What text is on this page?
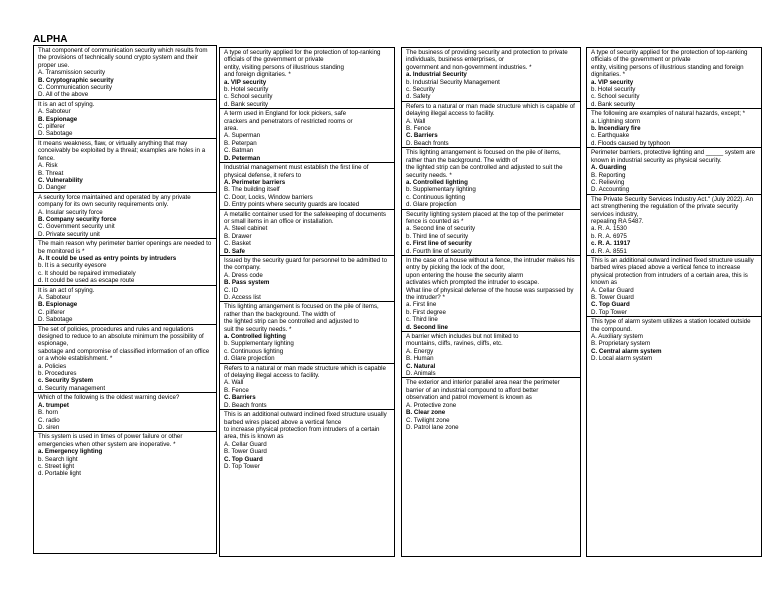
ALPHA
That component of communication security which results from the provisions of technically sound crypto system and their proper use.
A. Transmission security
B. Cryptographic security
C. Communication security
D. All of the above
It is an act of spying.
A. Saboteur
B. Espionage
C. pilferer
D. Sabotage
It means weakness, flaw, or virtually anything that may conceivably be exploited by a threat; examples are holes in a fence.
A. Risk
B. Threat
C. Vulnerability
D. Danger
A security force maintained and operated by any private company for its own security requirements only.
A. Insular security force
B. Company security force
C. Government security unit
D. Private security unit
The main reason why perimeter barrier openings are needed to be monitored is *
A. It could be used as entry points by intruders
b. It is a security eyesore
c. It should be repaired immediately
d. It could be used as escape route
It is an act of spying.
A. Saboteur
B. Espionage
C. pilferer
D. Sabotage
The set of policies, procedures and rules and regulations designed to reduce to an absolute minimum the possibility of espionage,
sabotage and compromise of classified information of an office or a whole establishment. *
a. Policies
b. Procedures
c. Security System
d. Security management
Which of the following is the oldest warning device?
A. trumpet
B. horn
C. radio
D. siren
This system is used in times of power failure or other emergencies when other system are inoperative. *
a. Emergency lighting
b. Search light
c. Street light
d. Portable light
A type of security applied for the protection of top-ranking officials of the government or private
entity, visiting persons of illustrious standing
and foreign dignitaries. *
a. VIP security
b. Hotel security
c. School security
d. Bank security
A term used in England for lock pickers, safe
crackers and penetrators of restricted rooms or
area.
A. Superman
B. Peterpan
C. Batman
D. Peterman
Industrial management must establish the first line of physical defense, it refers to
A. Perimeter barriers
B. The building itself
C. Door, Locks, Window barriers
D. Entry points where security guards are located
A metallic container used for the safekeeping of documents or small items in an office or installation.
A. Steel cabinet
B. Drawer
C. Basket
D. Safe
Issued by the security guard for personnel to be admitted to the company.
A. Dress code
B. Pass system
C. ID
D. Access list
This lighting arrangement is focused on the pile of items, rather than the background. The width of
the lighted strip can be controlled and adjusted to
suit the security needs. *
a. Controlled lighting
b. Supplementary lighting
c. Continuous lighting
d. Glare projection
Refers to a natural or man made structure which is capable of delaying illegal access to facility.
A. Wall
B. Fence
C. Barriers
D. Beach fronts
This is an additional outward inclined fixed structure usually barbed wires placed above a vertical fence
to increase physical protection from intruders of a certain area, this is known as
A. Cellar Guard
B. Tower Guard
C. Top Guard
D. Top Tower
The business of providing security and protection to private individuals, business enterprises, or
government and non-government industries. *
a. Industrial Security
b. Industrial Security Management
c. Security
d. Safety
Refers to a natural or man made structure which is capable of delaying illegal access to facility.
A. Wall
B. Fence
C. Barriers
D. Beach fronts
This lighting arrangement is focused on the pile of items, rather than the background. The width of
the lighted strip can be controlled and adjusted to suit the security needs. *
a. Controlled lighting
b. Supplementary lighting
c. Continuous lighting
d. Glare projection
Security lighting system placed at the top of the perimeter fence is counted as *
a. Second line of security
b. Third line of security
c. First line of security
d. Fourth line of security
In the case of a house without a fence, the intruder makes his entry by picking the lock of the door,
upon entering the house the security alarm
activates which prompted the intruder to escape.
What line of physical defense of the house was surpassed by the intruder? *
a. First line
b. First degree
c. Third line
d. Second line
A barrier which includes but not limited to
mountains, cliffs, ravines, cliffs, etc.
A. Energy
B. Human
C. Natural
D. Animals
The exterior and interior parallel area near the perimeter barrier of an industrial compound to afford better
observation and patrol movement is known as
A. Protective zone
B. Clear zone
C. Twilight zone
D. Patrol lane zone
A type of security applied for the protection of top-ranking officials of the government or private
entity, visiting persons of illustrious standing and foreign
dignitaries. *
a. VIP security
b. Hotel security
c. School security
d. Bank security
The following are examples of natural hazards, except; *
a. Lightning storm
b. Incendiary fire
c. Earthquake
d. Floods caused by typhoon
Perimeter barriers, protective lighting and _____ system are known in industrial security as physical security.
A. Guarding
B. Reporting
C. Relieving
D. Accounting
The Private Security Services Industry Act." (July 2022). An act strengthening the regulation of the private security services industry,
repealing RA 5487.
a. R. A. 1530
b. R. A. 6975
c. R. A. 11917
d. R. A. 8551
This is an additional outward inclined fixed structure usually barbed wires placed above a vertical fence to increase physical protection from intruders of a certain area, this is known as
A. Cellar Guard
B. Tower Guard
C. Top Guard
D. Top Tower
This type of alarm system utilizes a station located outside the compound.
A. Auxiliary system
B. Proprietary system
C. Central alarm system
D. Local alarm system
